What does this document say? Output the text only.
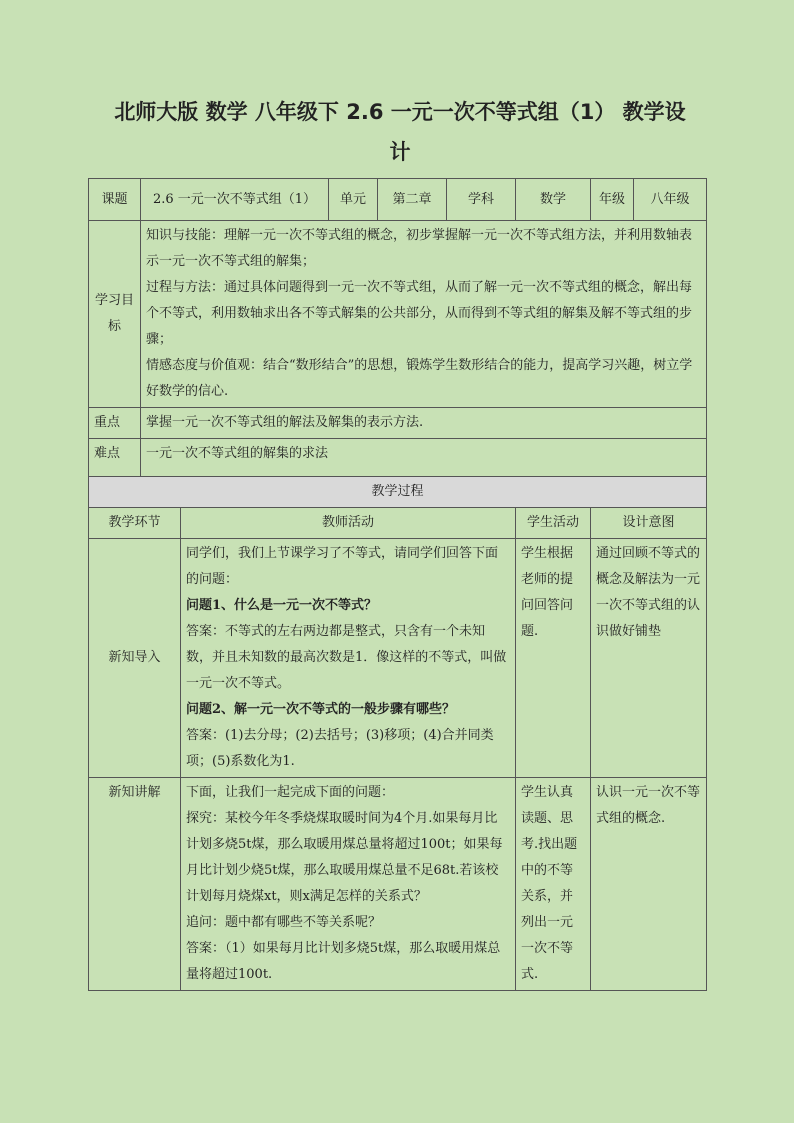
北师大版 数学 八年级下 2.6 一元一次不等式组（1） 教学设
计
课题	2.6 一元一次不等式组（1）		单元	第二章	学科	数学	年级	八年级
学习目标	知识与技能：理解一元一次不等式组的概念，初步掌握解一元一次不等式组方法，并利用数轴表示一元一次不等式组的解集；

过程与方法：通过具体问题得到一元一次不等式组，从而了解一元一次不等式组的概念，解出每个不等式，利用数轴求出各不等式解集的公共部分，从而得到不等式组的解集及解不等式组的步骤；

情感态度与价值观：结合“数形结合”的思想，锻炼学生数形结合的能力，提高学习兴趣，树立学好数学的信心.							

重点	掌握一元一次不等式组的解法及解集的表示方法.							
难点	一元一次不等式组的解集的求法							
教学过程								
教学环节		教师活动				学生活动	设计意图	
新知导入		同学们，我们上节课学习了不等式，请同学们回答下面的问题：

问题1、什么是一元一次不等式？

答案：不等式的左右两边都是整式，只含有一个未知数，并且未知数的最高次数是1．像这样的不等式，叫做一元一次不等式。

问题2、解一元一次不等式的一般步骤有哪些？

答案：(1)去分母；(2)去括号；(3)移项；(4)合并同类项；(5)系数化为1.				学生根据老师的提问回答问题.	通过回顾不等式的概念及解法为一元一次不等式组的认识做好铺垫	
新知讲解		下面，让我们一起完成下面的问题：

探究：某校今年冬季烧煤取暖时间为4个月.如果每月比计划多烧5t煤，那么取暖用煤总量将超过100t；如果每月比计划少烧5t煤，那么取暖用煤总量不足68t.若该校计划每月烧煤xt，则x满足怎样的关系式？

追问：题中都有哪些不等关系呢？

答案：（1）如果每月比计划多烧5t煤，那么取暖用煤总量将超过100t.				学生认真读题、思考.找出题中的不等关系，并列出一元一次不等式.	认识一元一次不等式组的概念.	
